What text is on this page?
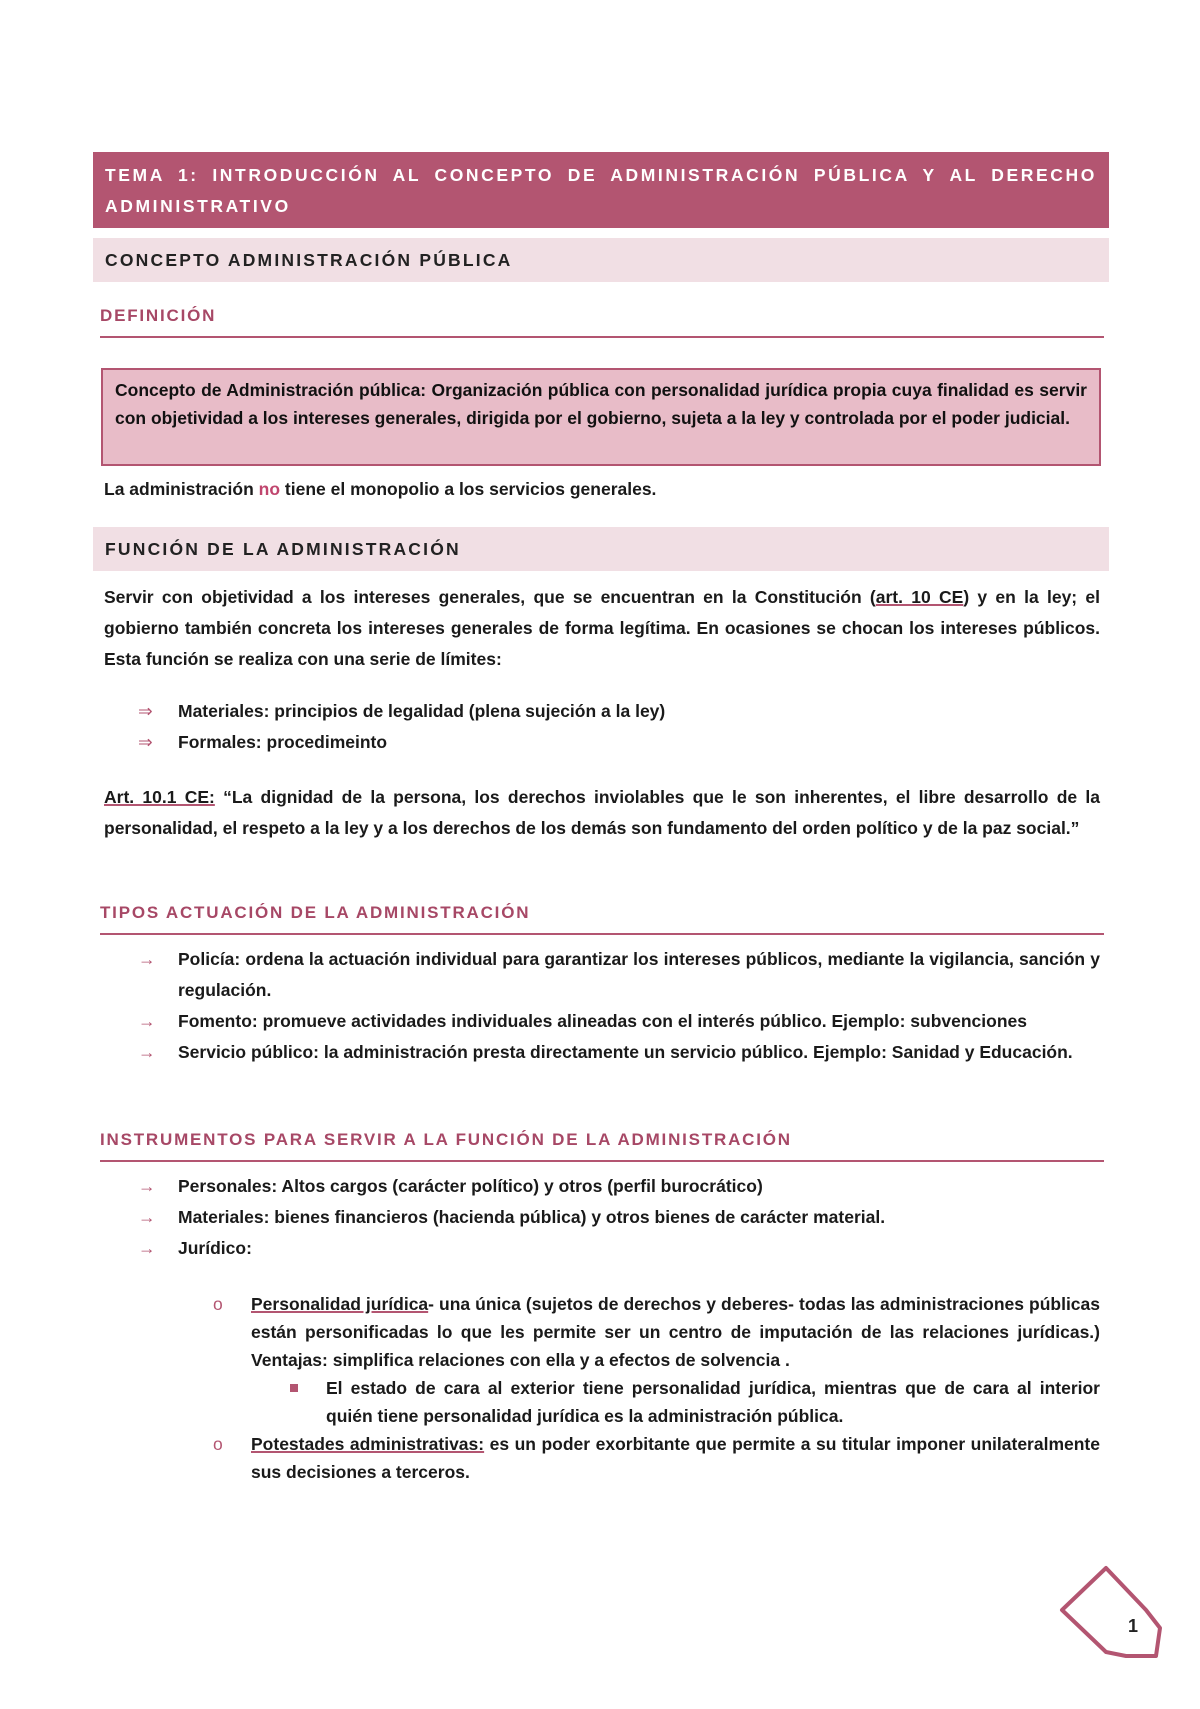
TEMA 1: INTRODUCCIÓN AL CONCEPTO DE ADMINISTRACIÓN PÚBLICA Y AL DERECHO ADMINISTRATIVO
CONCEPTO ADMINISTRACIÓN PÚBLICA
DEFINICIÓN
Concepto de Administración pública: Organización pública con personalidad jurídica propia cuya finalidad es servir con objetividad a los intereses generales, dirigida por el gobierno, sujeta a la ley y controlada por el poder judicial.
La administración no tiene el monopolio a los servicios generales.
FUNCIÓN DE LA ADMINISTRACIÓN
Servir con objetividad a los intereses generales, que se encuentran en la Constitución (art. 10 CE) y en la ley; el gobierno también concreta los intereses generales de forma legítima. En ocasiones se chocan los intereses públicos. Esta función se realiza con una serie de límites:
⇒ Materiales: principios de legalidad (plena sujeción a la ley)
⇒ Formales: procedimeinto
Art. 10.1 CE: “La dignidad de la persona, los derechos inviolables que le son inherentes, el libre desarrollo de la personalidad, el respeto a la ley y a los derechos de los demás son fundamento del orden político y de la paz social.”
TIPOS ACTUACIÓN DE LA ADMINISTRACIÓN
→ Policía: ordena la actuación individual para garantizar los intereses públicos, mediante la vigilancia, sanción y regulación.
→ Fomento: promueve actividades individuales alineadas con el interés público. Ejemplo: subvenciones
→ Servicio público: la administración presta directamente un servicio público. Ejemplo: Sanidad y Educación.
INSTRUMENTOS PARA SERVIR A LA FUNCIÓN DE LA ADMINISTRACIÓN
→ Personales: Altos cargos (carácter político) y otros (perfil burocrático)
→ Materiales: bienes financieros (hacienda pública) y otros bienes de carácter material.
→ Jurídico:
o Personalidad jurídica- una única (sujetos de derechos y deberes- todas las administraciones públicas están personificadas lo que les permite ser un centro de imputación de las relaciones jurídicas.) Ventajas: simplifica relaciones con ella y a efectos de solvencia .
El estado de cara al exterior tiene personalidad jurídica, mientras que de cara al interior quién tiene personalidad jurídica es la administración pública.
o Potestades administrativas: es un poder exorbitante que permite a su titular imponer unilateralmente sus decisiones a terceros.
1
